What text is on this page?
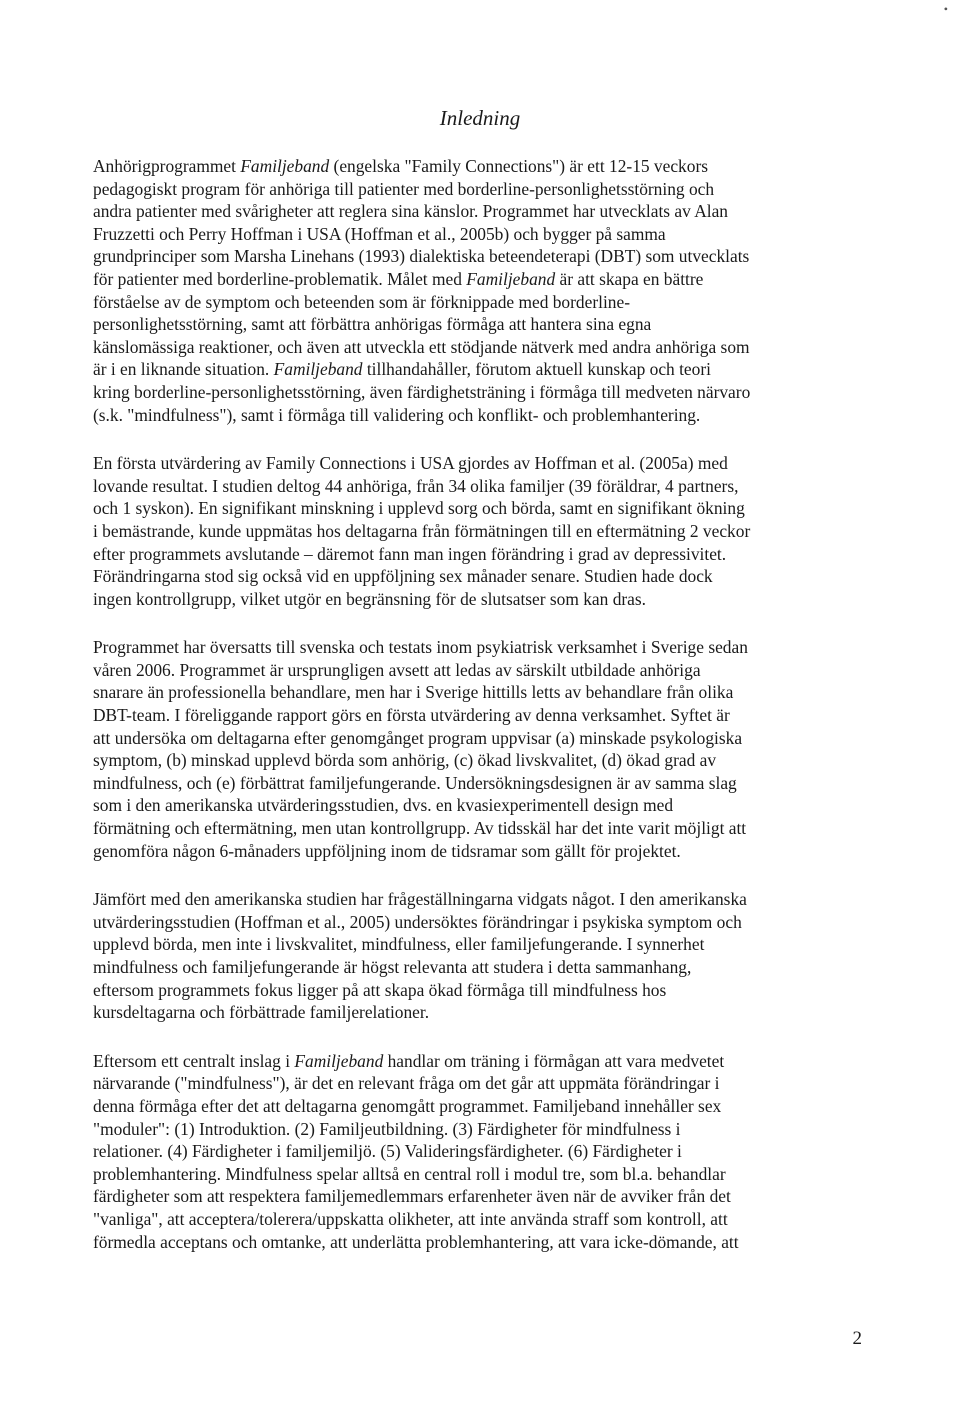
•
Inledning

Anhörigprogrammet Familjeband (engelska "Family Connections") är ett 12-15 veckors
pedagogiskt program för anhöriga till patienter med borderline-personlighetsstörning och
andra patienter med svårigheter att reglera sina känslor. Programmet har utvecklats av Alan
Fruzzetti och Perry Hoffman i USA (Hoffman et al., 2005b) och bygger på samma
grundprinciper som Marsha Linehans (1993) dialektiska beteendeterapi (DBT) som utvecklats
för patienter med borderline-problematik. Målet med Familjeband är att skapa en bättre
förståelse av de symptom och beteenden som är förknippade med borderline-
personlighetsstörning, samt att förbättra anhörigas förmåga att hantera sina egna
känslomässiga reaktioner, och även att utveckla ett stödjande nätverk med andra anhöriga som
är i en liknande situation. Familjeband tillhandahåller, förutom aktuell kunskap och teori
kring borderline-personlighetsstörning, även färdighetsträning i förmåga till medveten närvaro
(s.k. "mindfulness"), samt i förmåga till validering och konflikt- och problemhantering.

En första utvärdering av Family Connections i USA gjordes av Hoffman et al. (2005a) med
lovande resultat. I studien deltog 44 anhöriga, från 34 olika familjer (39 föräldrar, 4 partners,
och 1 syskon). En signifikant minskning i upplevd sorg och börda, samt en signifikant ökning
i bemästrande, kunde uppmätas hos deltagarna från förmätningen till en eftermätning 2 veckor
efter programmets avslutande – däremot fann man ingen förändring i grad av depressivitet.
Förändringarna stod sig också vid en uppföljning sex månader senare. Studien hade dock
ingen kontrollgrupp, vilket utgör en begränsning för de slutsatser som kan dras.

Programmet har översatts till svenska och testats inom psykiatrisk verksamhet i Sverige sedan
våren 2006. Programmet är ursprungligen avsett att ledas av särskilt utbildade anhöriga
snarare än professionella behandlare, men har i Sverige hittills letts av behandlare från olika
DBT-team. I föreliggande rapport görs en första utvärdering av denna verksamhet. Syftet är
att undersöka om deltagarna efter genomgånget program uppvisar (a) minskade psykologiska
symptom, (b) minskad upplevd börda som anhörig, (c) ökad livskvalitet, (d) ökad grad av
mindfulness, och (e) förbättrat familjefungerande. Undersökningsdesignen är av samma slag
som i den amerikanska utvärderingsstudien, dvs. en kvasiexperimentell design med
förmätning och eftermätning, men utan kontrollgrupp. Av tidsskäl har det inte varit möjligt att
genomföra någon 6-månaders uppföljning inom de tidsramar som gällt för projektet.

Jämfört med den amerikanska studien har frågeställningarna vidgats något. I den amerikanska
utvärderingsstudien (Hoffman et al., 2005) undersöktes förändringar i psykiska symptom och
upplevd börda, men inte i livskvalitet, mindfulness, eller familjefungerande. I synnerhet
mindfulness och familjefungerande är högst relevanta att studera i detta sammanhang,
eftersom programmets fokus ligger på att skapa ökad förmåga till mindfulness hos
kursdeltagarna och förbättrade familjerelationer.

Eftersom ett centralt inslag i Familjeband handlar om träning i förmågan att vara medvetet
närvarande ("mindfulness"), är det en relevant fråga om det går att uppmäta förändringar i
denna förmåga efter det att deltagarna genomgått programmet. Familjeband innehåller sex
"moduler": (1) Introduktion. (2) Familjeutbildning. (3) Färdigheter för mindfulness i
relationer. (4) Färdigheter i familjemiljö. (5) Valideringsfärdigheter. (6) Färdigheter i
problemhantering. Mindfulness spelar alltså en central roll i modul tre, som bl.a. behandlar
färdigheter som att respektera familjemedlemmars erfarenheter även när de avviker från det
"vanliga", att acceptera/tolerera/uppskatta olikheter, att inte använda straff som kontroll, att
förmedla acceptans och omtanke, att underlätta problemhantering, att vara icke-dömande, att

2
